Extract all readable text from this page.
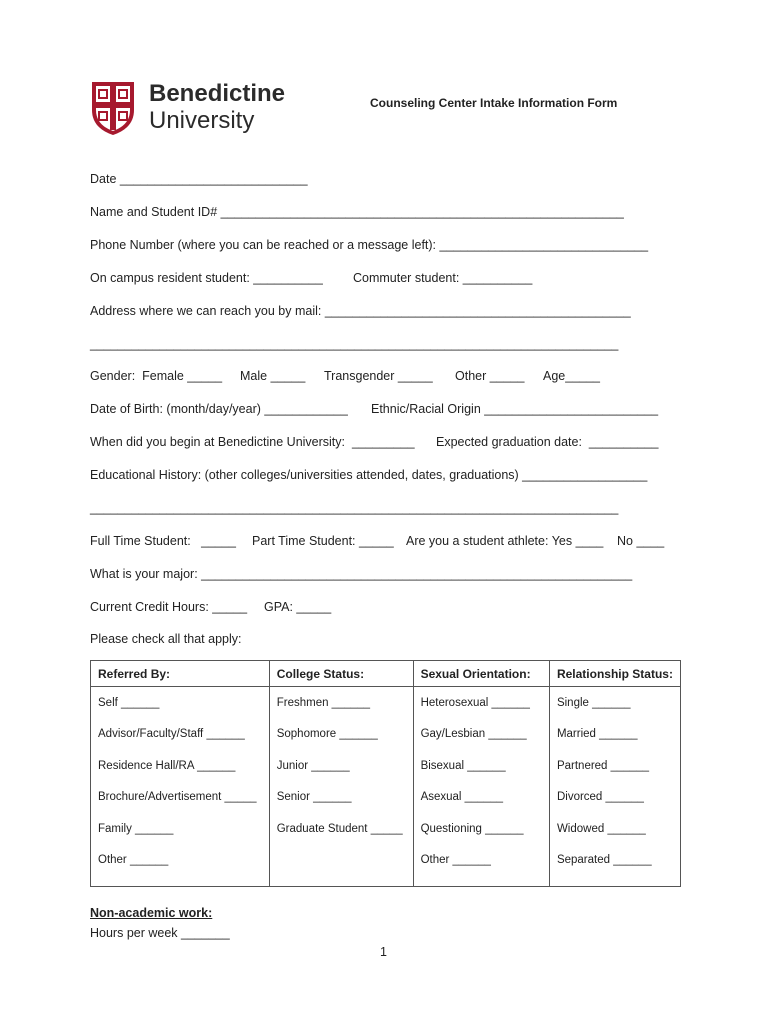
Benedictine
University
Counseling Center Intake Information Form
Date ___________________________
Name and Student ID# __________________________________________________________
Phone Number (where you can be reached or a message left): ______________________________
On campus resident student: __________ Commuter student: __________
Address where we can reach you by mail: ____________________________________________
____________________________________________________________________________
Gender:  Female _____ Male _____ Transgender _____ Other _____ Age_____
Date of Birth: (month/day/year) ____________ Ethnic/Racial Origin _________________________
When did you begin at Benedictine University:  _________ Expected graduation date:  __________
Educational History: (other colleges/universities attended, dates, graduations) __________________
____________________________________________________________________________
Full Time Student:   _____ Part Time Student: _____ Are you a student athlete: Yes ____ No ____
What is your major: ______________________________________________________________
Current Credit Hours: _____ GPA: _____
Please check all that apply:
Referred By:	College Status:	Sexual Orientation:	Relationship Status:
Self ______	Freshmen ______	Heterosexual ______	Single ______
Advisor/Faculty/Staff ______	Sophomore ______	Gay/Lesbian ______	Married ______
Residence Hall/RA ______	Junior ______	Bisexual ______	Partnered ______
Brochure/Advertisement _____	Senior ______	Asexual ______	Divorced ______
Family ______	Graduate Student _____	Questioning ______	Widowed ______
Other ______		Other ______	Separated ______
Non-academic work:
Hours per week _______
1
